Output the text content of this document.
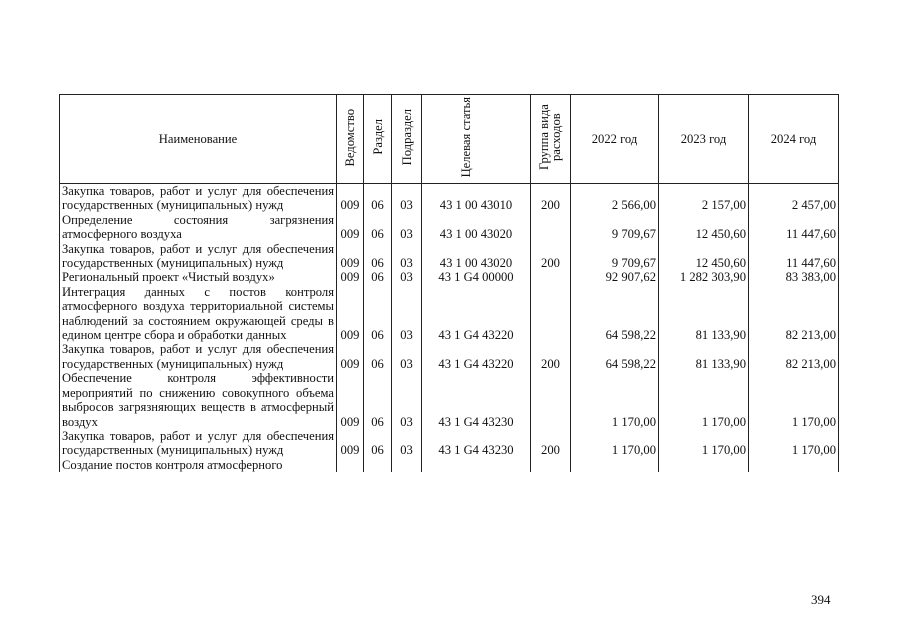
Наименование	Ведомство	Раздел	Подраздел	Целевая статья	Группа вида расходов	2022 год	2023 год	2024 год
Закупка товаров, работ и услуг для обеспечения государственных (муниципальных) нужд	009	06	03	43 1 00 43010	200	2 566,00	2 157,00	2 457,00
Определение состояния загрязнения атмосферного воздуха	009	06	03	43 1 00 43020		9 709,67	12 450,60	11 447,60
Закупка товаров, работ и услуг для обеспечения государственных (муниципальных) нужд	009	06	03	43 1 00 43020	200	9 709,67	12 450,60	11 447,60
Региональный проект «Чистый воздух»	009	06	03	43 1 G4 00000		92 907,62	1 282 303,90	83 383,00
Интеграция данных с постов контроля атмосферного воздуха территориальной системы наблюдений за состоянием окружающей среды в едином центре сбора и обработки данных	009	06	03	43 1 G4 43220		64 598,22	81 133,90	82 213,00
Закупка товаров, работ и услуг для обеспечения государственных (муниципальных) нужд	009	06	03	43 1 G4 43220	200	64 598,22	81 133,90	82 213,00
Обеспечение контроля эффективности мероприятий по снижению совокупного объема выбросов загрязняющих веществ в атмосферный воздух	009	06	03	43 1 G4 43230		1 170,00	1 170,00	1 170,00
Закупка товаров, работ и услуг для обеспечения государственных (муниципальных) нужд	009	06	03	43 1 G4 43230	200	1 170,00	1 170,00	1 170,00
Создание постов контроля атмосферного								
394
